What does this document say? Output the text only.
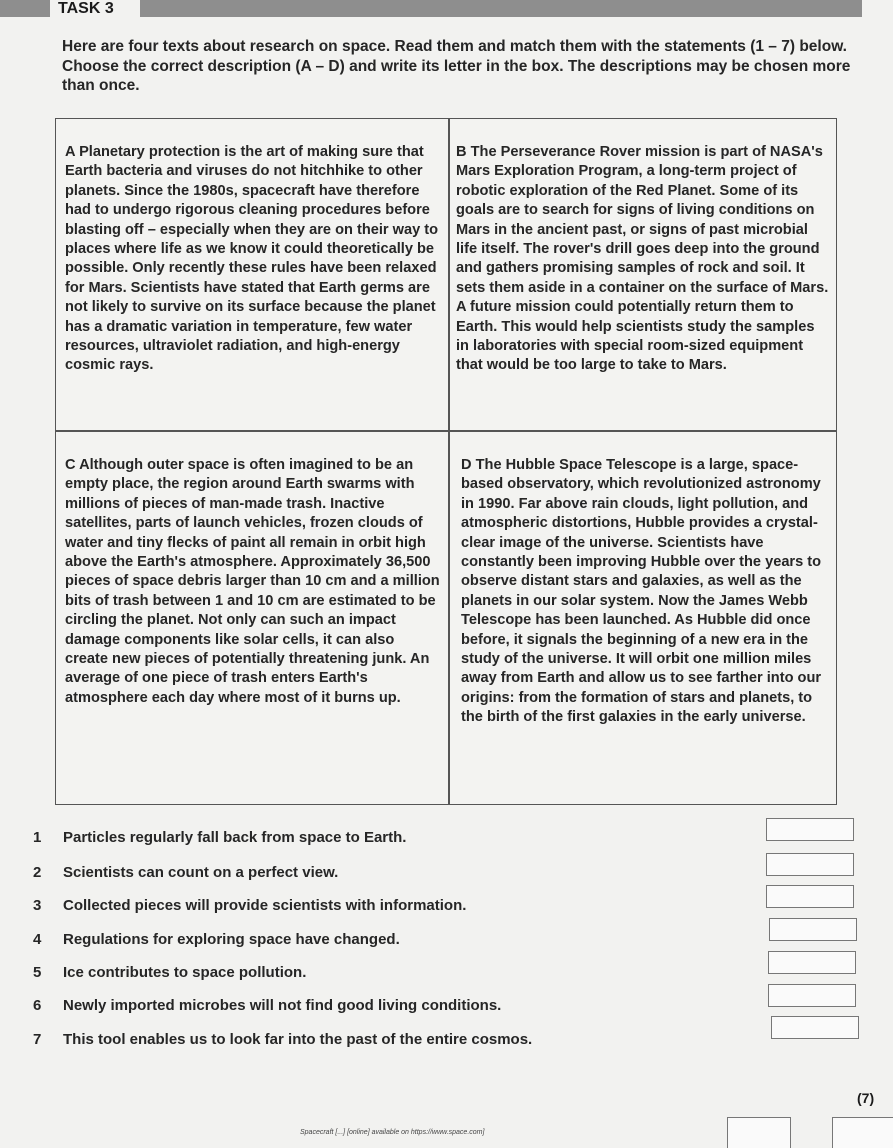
TASK 3
Here are four texts about research on space. Read them and match them with the statements (1 – 7) below. Choose the correct description (A – D) and write its letter in the box. The descriptions may be chosen more than once.
A Planetary protection is the art of making sure that Earth bacteria and viruses do not hitchhike to other planets. Since the 1980s, spacecraft have therefore had to undergo rigorous cleaning procedures before blasting off – especially when they are on their way to places where life as we know it could theoretically be possible. Only recently these rules have been relaxed for Mars. Scientists have stated that Earth germs are not likely to survive on its surface because the planet has a dramatic variation in temperature, few water resources, ultraviolet radiation, and high-energy cosmic rays.
B The Perseverance Rover mission is part of NASA's Mars Exploration Program, a long-term project of robotic exploration of the Red Planet. Some of its goals are to search for signs of living conditions on Mars in the ancient past, or signs of past microbial life itself. The rover's drill goes deep into the ground and gathers promising samples of rock and soil. It sets them aside in a container on the surface of Mars. A future mission could potentially return them to Earth. This would help scientists study the samples in laboratories with special room-sized equipment that would be too large to take to Mars.
C Although outer space is often imagined to be an empty place, the region around Earth swarms with millions of pieces of man-made trash. Inactive satellites, parts of launch vehicles, frozen clouds of water and tiny flecks of paint all remain in orbit high above the Earth's atmosphere. Approximately 36,500 pieces of space debris larger than 10 cm and a million bits of trash between 1 and 10 cm are estimated to be circling the planet. Not only can such an impact damage components like solar cells, it can also create new pieces of potentially threatening junk. An average of one piece of trash enters Earth's atmosphere each day where most of it burns up.
D The Hubble Space Telescope is a large, space-based observatory, which revolutionized astronomy in 1990. Far above rain clouds, light pollution, and atmospheric distortions, Hubble provides a crystal-clear image of the universe. Scientists have constantly been improving Hubble over the years to observe distant stars and galaxies, as well as the planets in our solar system. Now the James Webb Telescope has been launched. As Hubble did once before, it signals the beginning of a new era in the study of the universe. It will orbit one million miles away from Earth and allow us to see farther into our origins: from the formation of stars and planets, to the birth of the first galaxies in the early universe.
1 Particles regularly fall back from space to Earth.
2 Scientists can count on a perfect view.
3 Collected pieces will provide scientists with information.
4 Regulations for exploring space have changed.
5 Ice contributes to space pollution.
6 Newly imported microbes will not find good living conditions.
7 This tool enables us to look far into the past of the entire cosmos.
(7)
Spacecraft [...] [online] available on https://www.space.com]
